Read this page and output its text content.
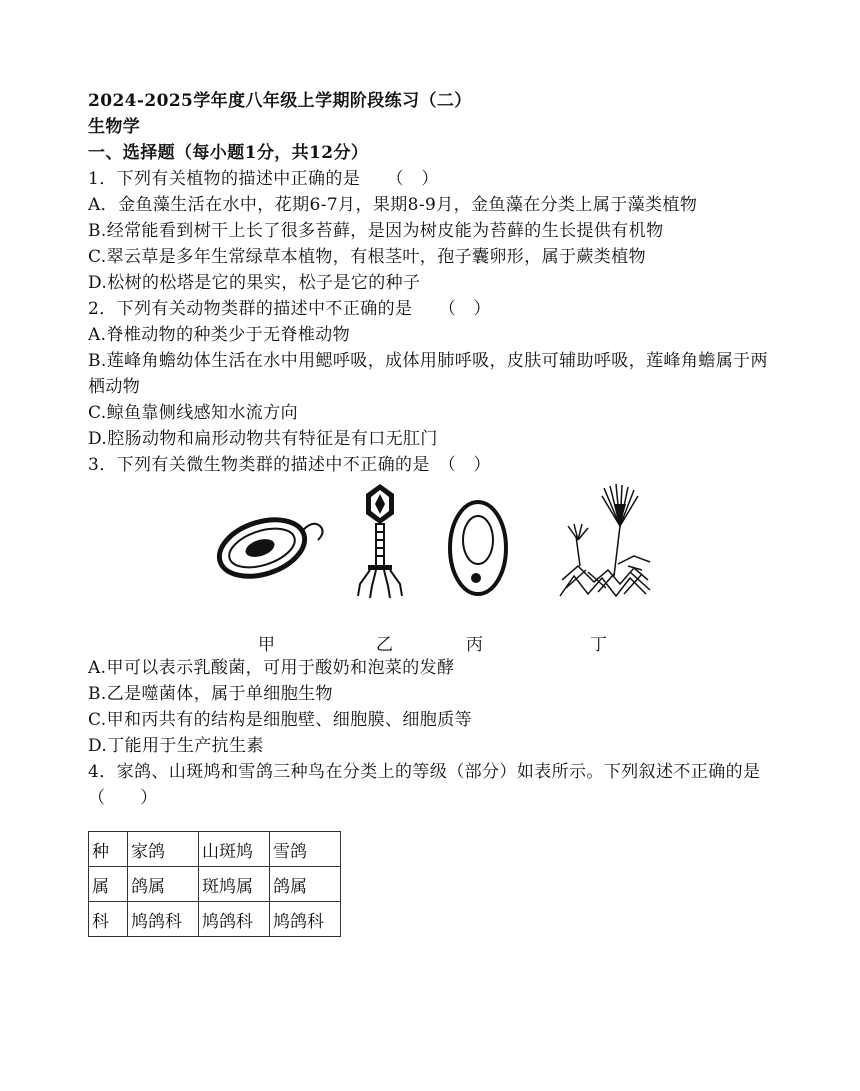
2024-2025学年度八年级上学期阶段练习（二）
生物学
一、选择题（每小题1分，共12分）
1．下列有关植物的描述中正确的是　　（　）
A．金鱼藻生活在水中，花期6-7月，果期8-9月，金鱼藻在分类上属于藻类植物
B.经常能看到树干上长了很多苔藓，是因为树皮能为苔藓的生长提供有机物
C.翠云草是多年生常绿草本植物，有根茎叶，孢子囊卵形，属于蕨类植物
D.松树的松塔是它的果实，松子是它的种子
2．下列有关动物类群的描述中不正确的是　　（　）
A.脊椎动物的种类少于无脊椎动物
B.莲峰角蟾幼体生活在水中用鳃呼吸，成体用肺呼吸，皮肤可辅助呼吸，莲峰角蟾属于两栖动物
C.鲸鱼靠侧线感知水流方向
D.腔肠动物和扁形动物共有特征是有口无肛门
3．下列有关微生物类群的描述中不正确的是　（　）
甲	乙	丙	丁
A.甲可以表示乳酸菌，可用于酸奶和泡菜的发酵
B.乙是噬菌体，属于单细胞生物
C.甲和丙共有的结构是细胞壁、细胞膜、细胞质等
D.丁能用于生产抗生素
4．家鸽、山斑鸠和雪鸽三种鸟在分类上的等级（部分）如表所示。下列叙述不正确的是（　　）
种	家鸽	山斑鸠	雪鸽
属	鸽属	斑鸠属	鸽属
科	鸠鸽科	鸠鸽科	鸠鸽科
